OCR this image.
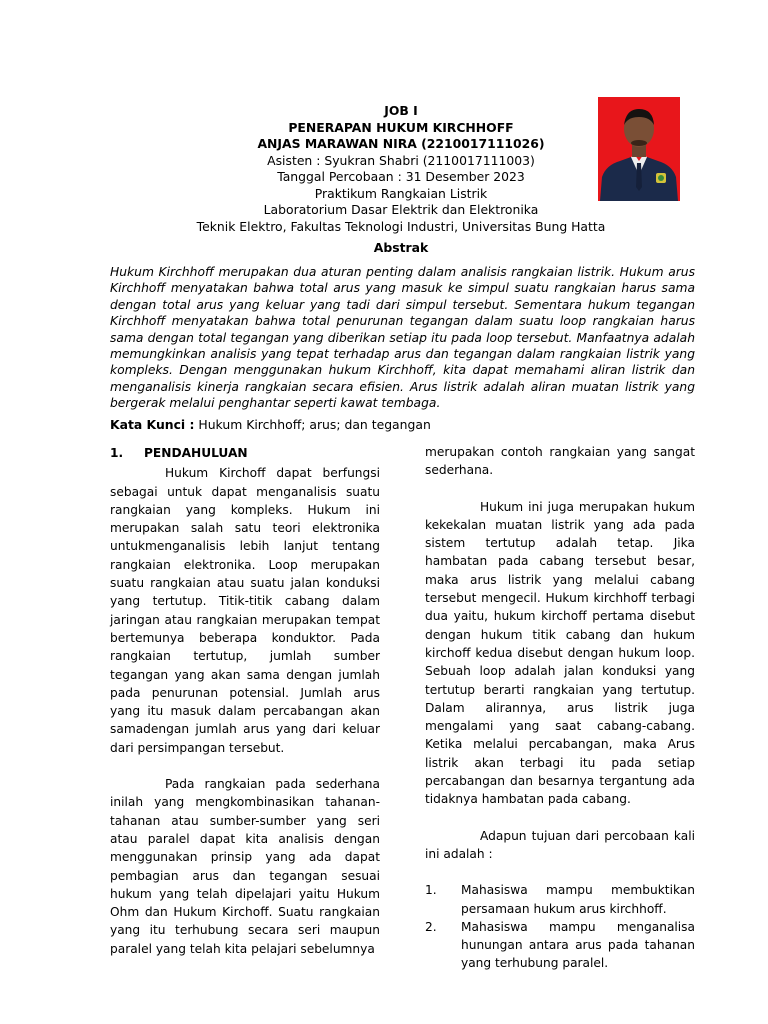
JOB I
PENERAPAN HUKUM KIRCHHOFF
ANJAS MARAWAN NIRA (2210017111026)
Asisten : Syukran Shabri (2110017111003)
Tanggal Percobaan : 31 Desember 2023
Praktikum Rangkaian Listrik
Laboratorium Dasar Elektrik dan Elektronika
Teknik Elektro, Fakultas Teknologi Industri, Universitas Bung Hatta
Abstrak

Hukum Kirchhoff merupakan dua aturan penting dalam analisis rangkaian listrik. Hukum arus Kirchhoff menyatakan bahwa total arus yang masuk ke simpul suatu rangkaian harus sama dengan total arus yang keluar yang tadi dari simpul tersebut. Sementara hukum tegangan Kirchhoff menyatakan bahwa total penurunan tegangan dalam suatu loop rangkaian harus sama dengan total tegangan yang diberikan setiap itu pada loop tersebut. Manfaatnya adalah memungkinkan analisis yang tepat terhadap arus dan tegangan dalam rangkaian listrik yang kompleks. Dengan menggunakan hukum Kirchhoff, kita dapat memahami aliran listrik dan menganalisis kinerja rangkaian secara efisien. Arus listrik adalah aliran muatan listrik yang bergerak melalui penghantar seperti kawat tembaga.

Kata Kunci : Hukum Kirchhoff; arus; dan tegangan
1.	PENDAHULUAN

Hukum Kirchoff dapat berfungsi sebagai untuk dapat menganalisis suatu rangkaian yang kompleks. Hukum ini merupakan salah satu teori elektronika untukmenganalisis lebih lanjut tentang rangkaian elektronika. Loop merupakan suatu rangkaian atau suatu jalan konduksi yang tertutup. Titik-titik cabang dalam jaringan atau rangkaian merupakan tempat bertemunya beberapa konduktor. Pada rangkaian tertutup, jumlah sumber tegangan yang akan sama dengan jumlah pada penurunan potensial. Jumlah arus yang itu masuk dalam percabangan akan samadengan jumlah arus yang dari keluar dari persimpangan tersebut.

Pada rangkaian pada sederhana inilah yang mengkombinasikan tahanan-tahanan atau sumber-sumber yang seri atau paralel dapat kita analisis dengan menggunakan prinsip yang ada dapat pembagian arus dan tegangan sesuai hukum yang telah dipelajari yaitu Hukum Ohm dan Hukum Kirchoff. Suatu rangkaian yang itu terhubung secara seri maupun paralel yang telah kita pelajari sebelumnya

merupakan contoh rangkaian yang sangat sederhana.

Hukum ini juga merupakan hukum kekekalan muatan listrik yang ada pada sistem tertutup adalah tetap. Jika hambatan pada cabang tersebut besar, maka arus listrik yang melalui cabang tersebut mengecil. Hukum kirchhoff terbagi dua yaitu, hukum kirchoff pertama disebut dengan hukum titik cabang dan hukum kirchoff kedua disebut dengan hukum loop. Sebuah loop adalah jalan konduksi yang tertutup berarti rangkaian yang tertutup. Dalam alirannya, arus listrik juga mengalami yang saat cabang-cabang. Ketika melalui percabangan, maka Arus listrik akan terbagi itu pada setiap percabangan dan besarnya tergantung ada tidaknya hambatan pada cabang.

Adapun tujuan dari percobaan kali ini adalah :

1.	Mahasiswa mampu membuktikan persamaan hukum arus kirchhoff.
2.	Mahasiswa mampu menganalisa hunungan antara arus pada tahanan yang terhubung paralel.
